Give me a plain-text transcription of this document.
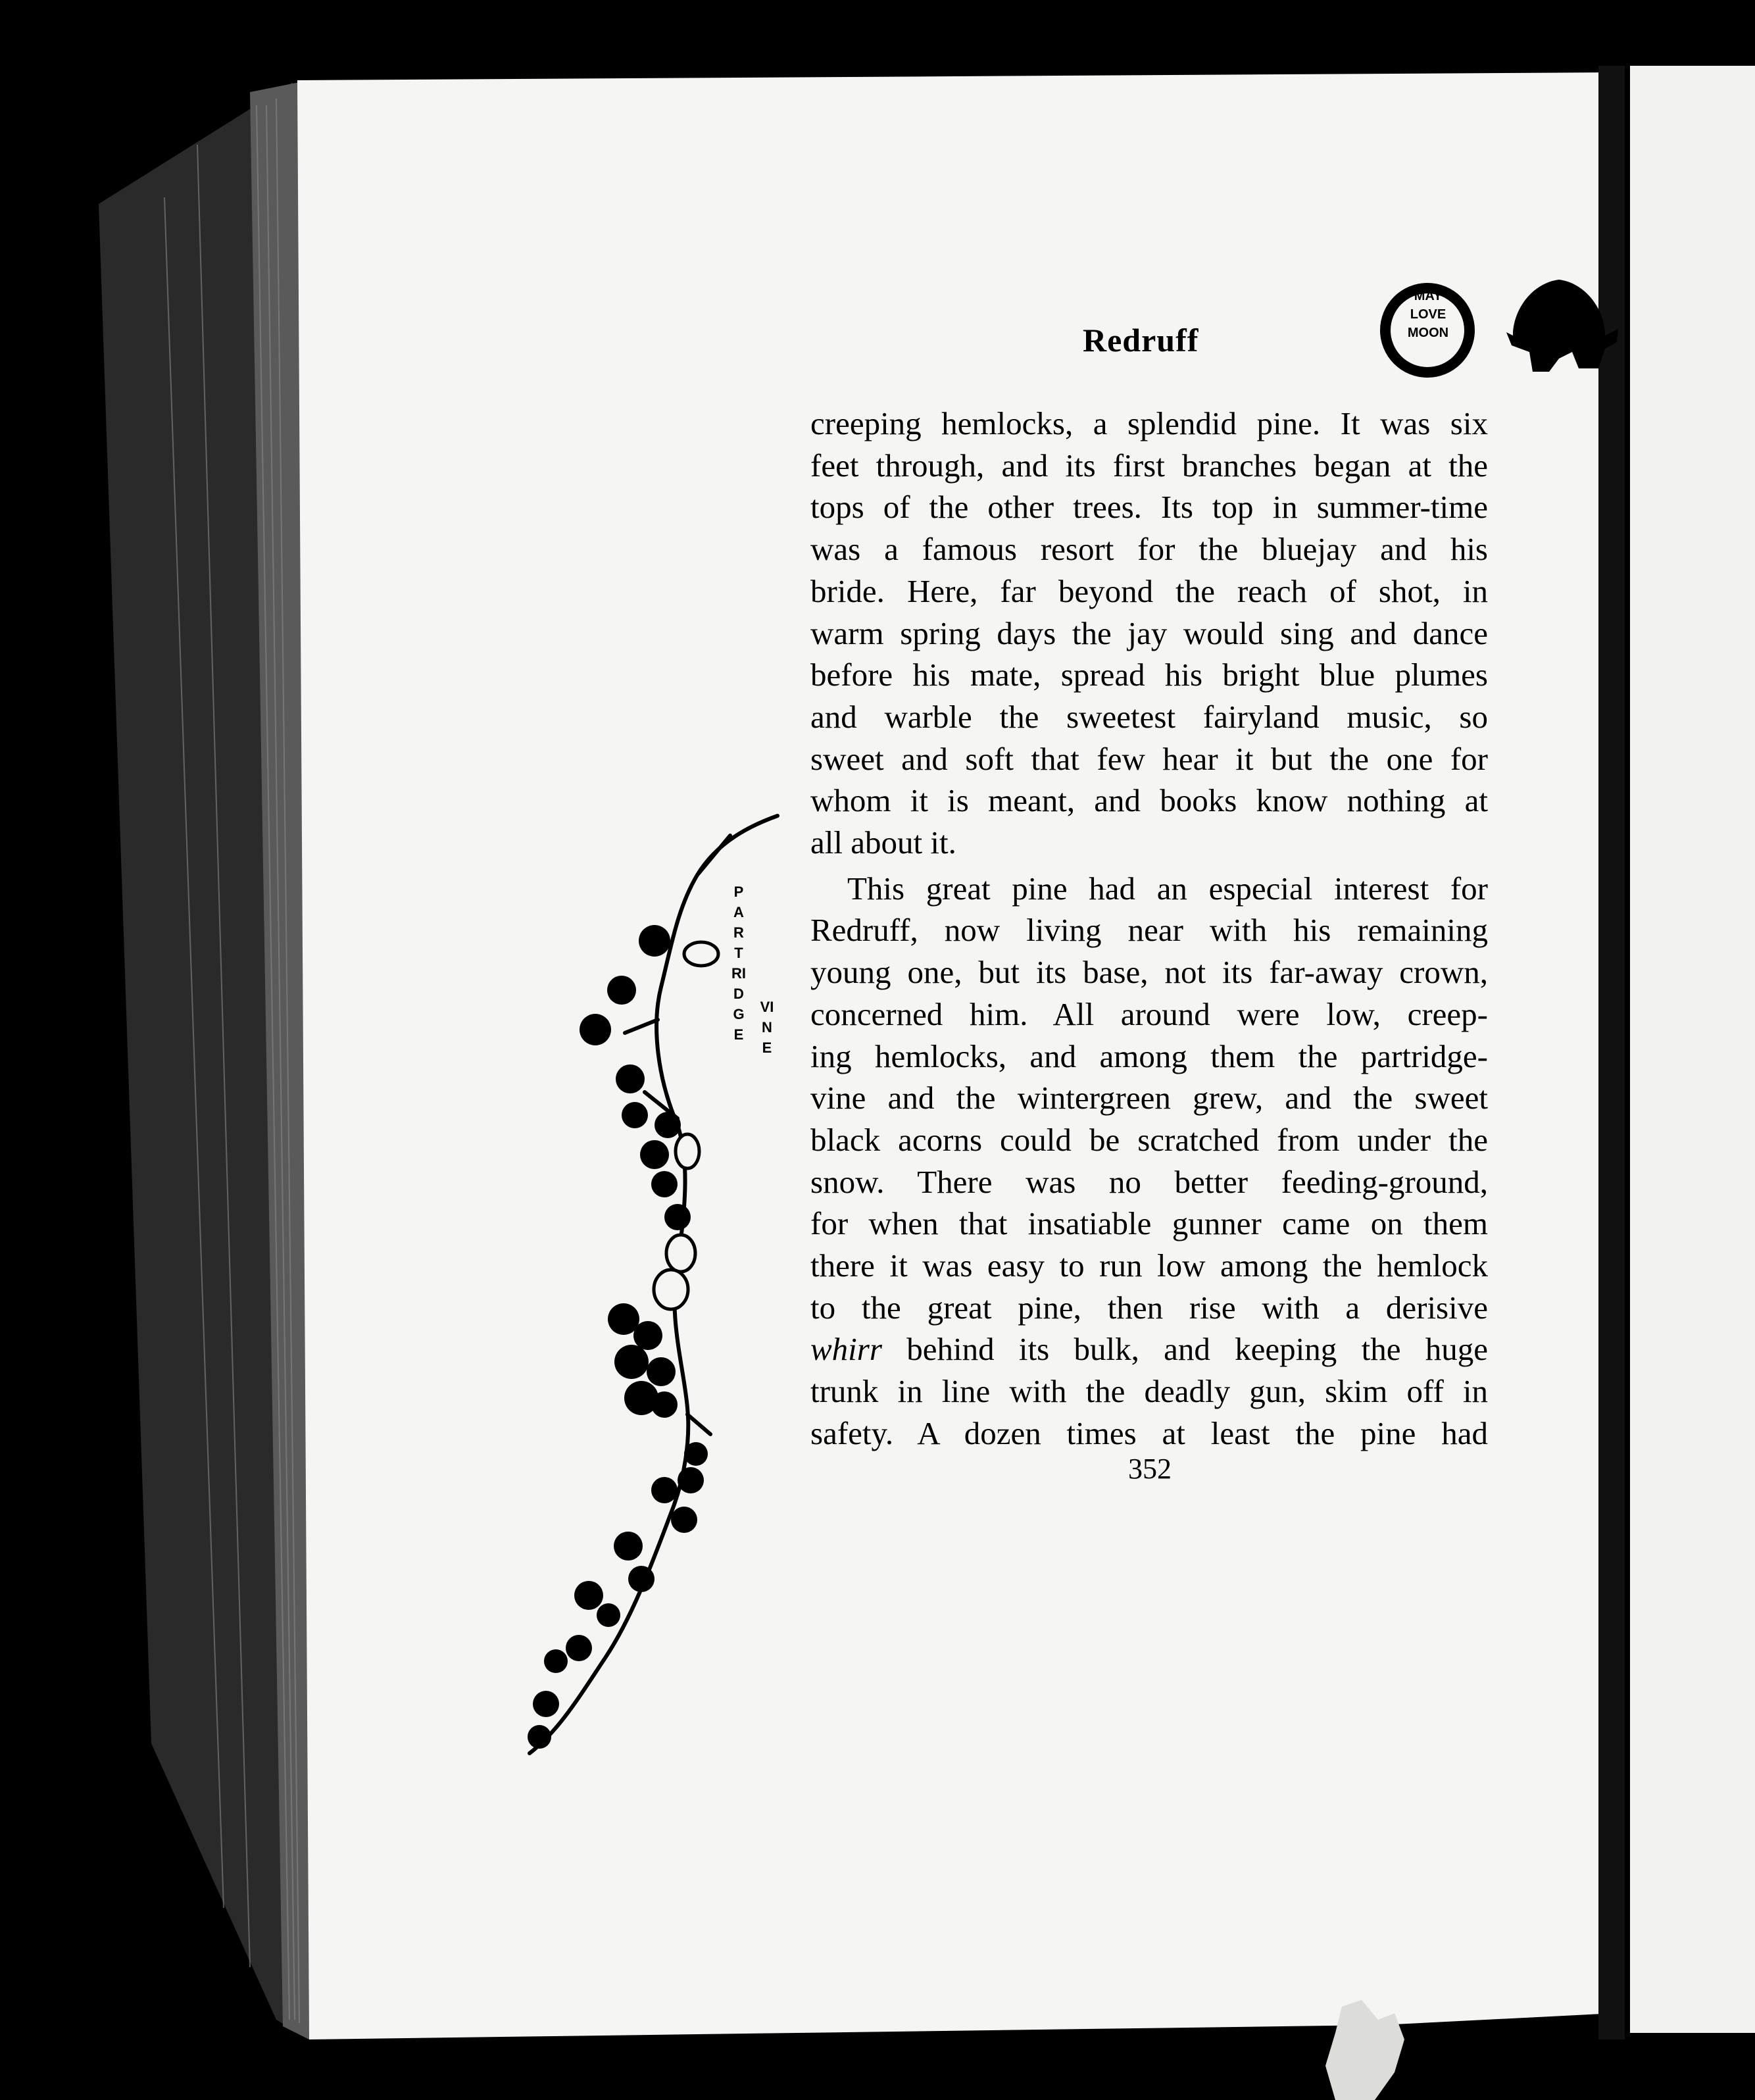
MAY
LOVE
MOON
Redruff
PARTRIDGE
VINE
creeping hemlocks, a splendid pine. It was six
feet through, and its first branches began at the
tops of the other trees. Its top in summer-time
was a famous resort for the bluejay and his
bride. Here, far beyond the reach of shot, in
warm spring days the jay would sing and dance
before his mate, spread his bright blue plumes
and warble the sweetest fairyland music, so
sweet and soft that few hear it but the one for
whom it is meant, and books know nothing at
all about it.
This great pine had an especial interest for
Redruff, now living near with his remaining
young one, but its base, not its far-away crown,
concerned him. All around were low, creep-
ing hemlocks, and among them the partridge-
vine and the wintergreen grew, and the sweet
black acorns could be scratched from under the
snow. There was no better feeding-ground,
for when that insatiable gunner came on them
there it was easy to run low among the hemlock
to the great pine, then rise with a derisive
whirr behind its bulk, and keeping the huge
trunk in line with the deadly gun, skim off in
safety. A dozen times at least the pine had
352
